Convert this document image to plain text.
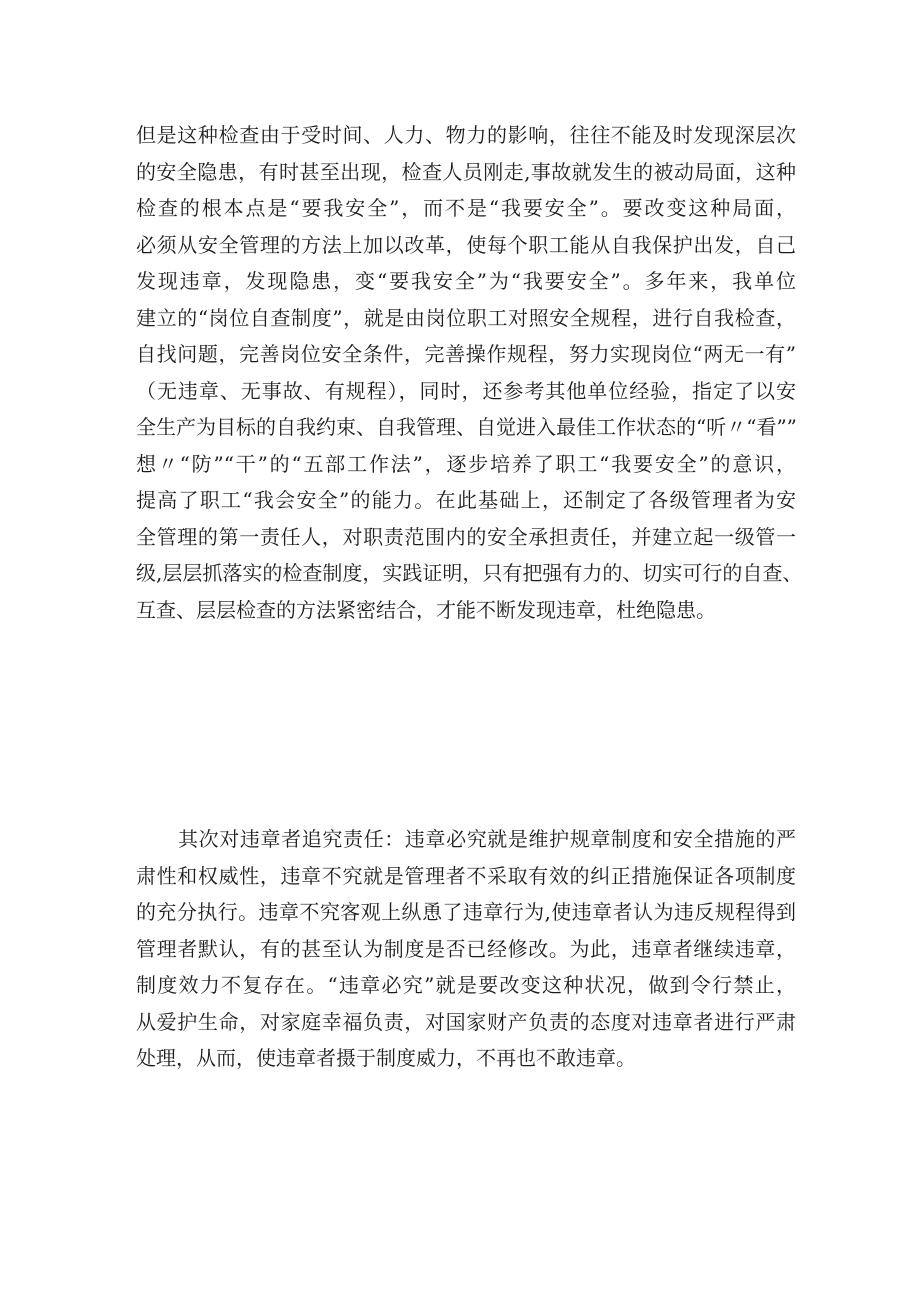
但是这种检查由于受时间、人力、物力的影响，往往不能及时发现深层次
的安全隐患，有时甚至出现，检查人员刚走,事故就发生的被动局面，这种
检查的根本点是“要我安全”，而不是“我要安全”。要改变这种局面，
必须从安全管理的方法上加以改革，使每个职工能从自我保护出发，自己
发现违章，发现隐患，变“要我安全”为“我要安全”。多年来，我单位
建立的“岗位自查制度”，就是由岗位职工对照安全规程，进行自我检查，
自找问题，完善岗位安全条件，完善操作规程，努力实现岗位“两无一有”
（无违章、无事故、有规程），同时，还参考其他单位经验，指定了以安
全生产为目标的自我约束、自我管理、自觉进入最佳工作状态的“听〃“看””
想〃“防”“干”的“五部工作法”，逐步培养了职工“我要安全”的意识，
提高了职工“我会安全”的能力。在此基础上，还制定了各级管理者为安
全管理的第一责任人，对职责范围内的安全承担责任，并建立起一级管一
级,层层抓落实的检查制度，实践证明，只有把强有力的、切实可行的自查、
互查、层层检查的方法紧密结合，才能不断发现违章，杜绝隐患。
其次对违章者追究责任：违章必究就是维护规章制度和安全措施的严
肃性和权威性，违章不究就是管理者不采取有效的纠正措施保证各项制度
的充分执行。违章不究客观上纵恿了违章行为,使违章者认为违反规程得到
管理者默认，有的甚至认为制度是否已经修改。为此，违章者继续违章，
制度效力不复存在。“违章必究”就是要改变这种状况，做到令行禁止，
从爱护生命，对家庭幸福负责，对国家财产负责的态度对违章者进行严肃
处理，从而，使违章者摄于制度威力，不再也不敢违章。
